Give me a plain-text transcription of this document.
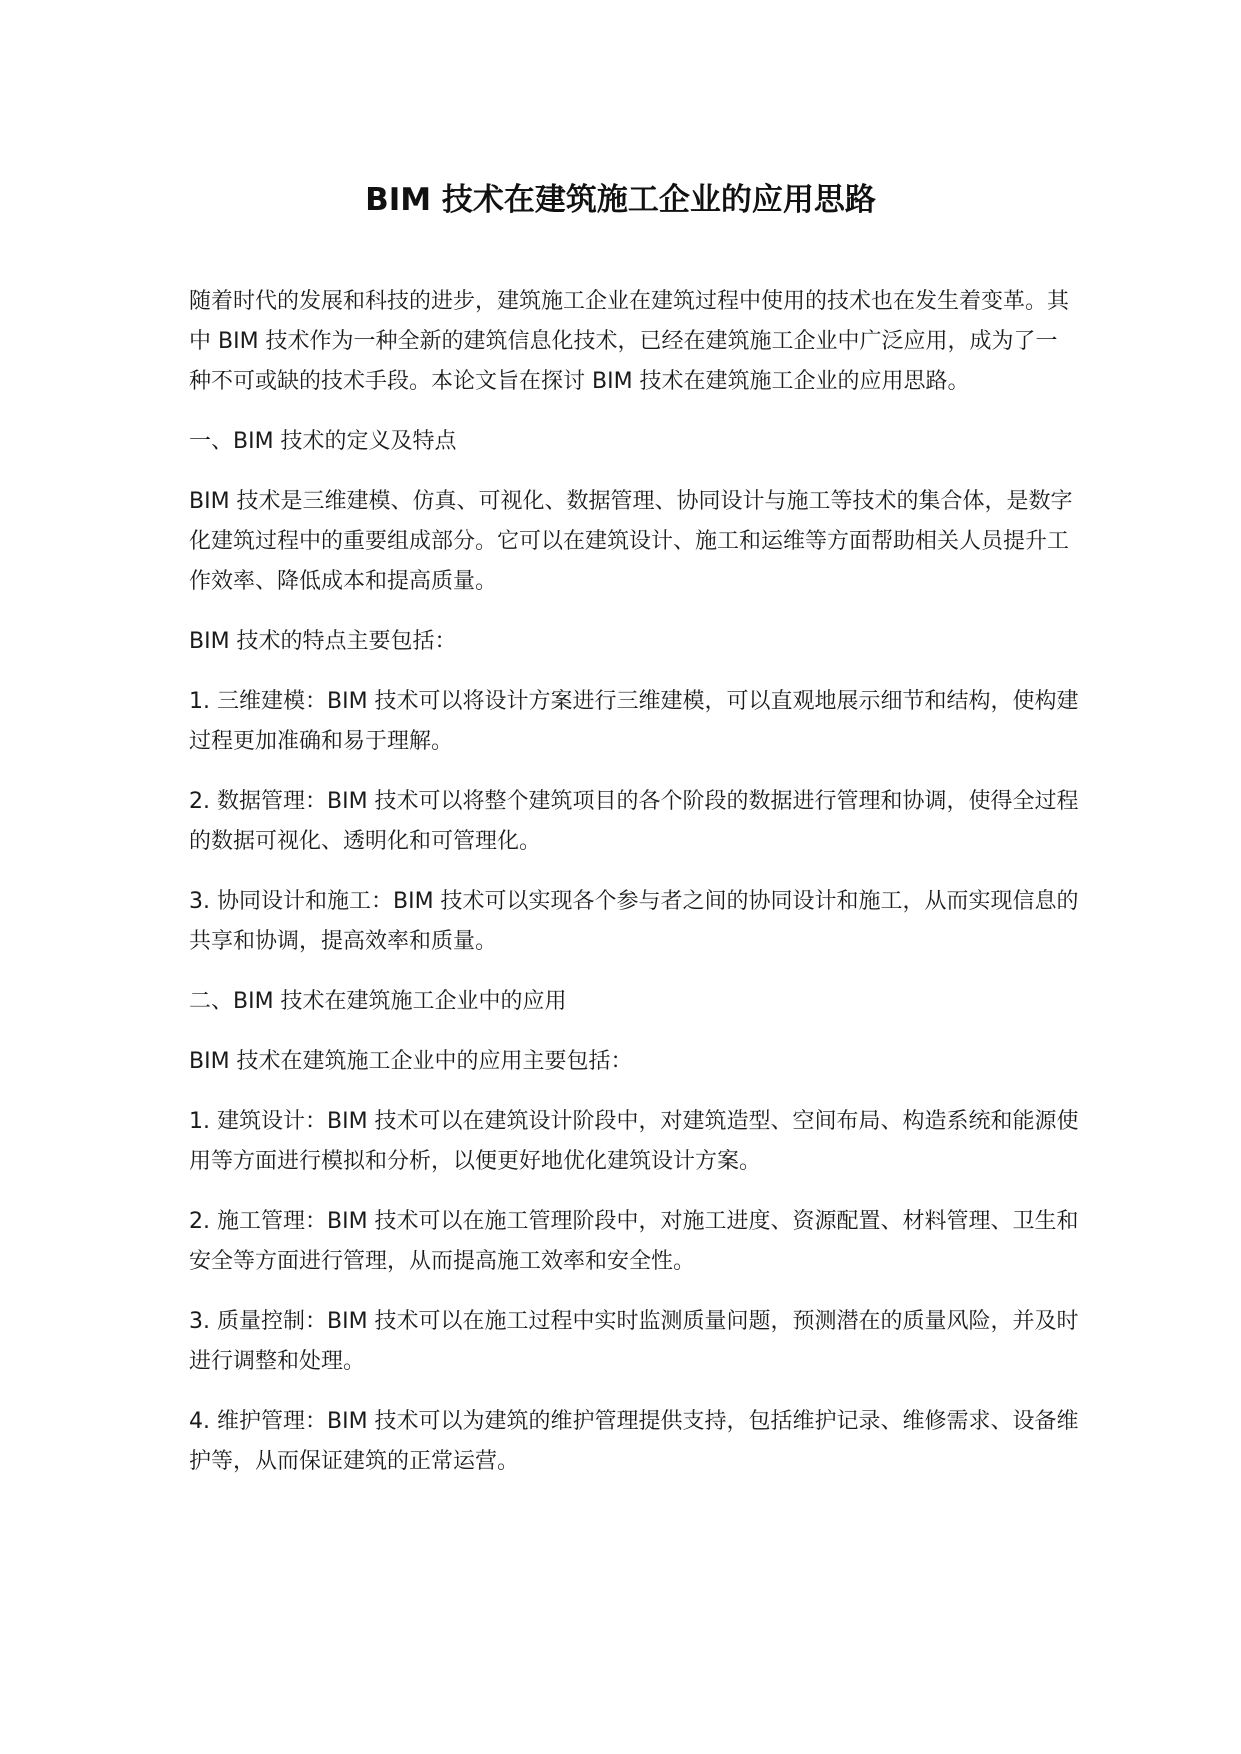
BIM 技术在建筑施工企业的应用思路

随着时代的发展和科技的进步，建筑施工企业在建筑过程中使用的技术也在发生着变革。其中 BIM 技术作为一种全新的建筑信息化技术，已经在建筑施工企业中广泛应用，成为了一种不可或缺的技术手段。本论文旨在探讨 BIM 技术在建筑施工企业的应用思路。

一、BIM 技术的定义及特点

BIM 技术是三维建模、仿真、可视化、数据管理、协同设计与施工等技术的集合体，是数字化建筑过程中的重要组成部分。它可以在建筑设计、施工和运维等方面帮助相关人员提升工作效率、降低成本和提高质量。

BIM 技术的特点主要包括：

1. 三维建模：BIM 技术可以将设计方案进行三维建模，可以直观地展示细节和结构，使构建过程更加准确和易于理解。

2. 数据管理：BIM 技术可以将整个建筑项目的各个阶段的数据进行管理和协调，使得全过程的数据可视化、透明化和可管理化。

3. 协同设计和施工：BIM 技术可以实现各个参与者之间的协同设计和施工，从而实现信息的共享和协调，提高效率和质量。

二、BIM 技术在建筑施工企业中的应用

BIM 技术在建筑施工企业中的应用主要包括：

1. 建筑设计：BIM 技术可以在建筑设计阶段中，对建筑造型、空间布局、构造系统和能源使用等方面进行模拟和分析，以便更好地优化建筑设计方案。

2. 施工管理：BIM 技术可以在施工管理阶段中，对施工进度、资源配置、材料管理、卫生和安全等方面进行管理，从而提高施工效率和安全性。

3. 质量控制：BIM 技术可以在施工过程中实时监测质量问题，预测潜在的质量风险，并及时进行调整和处理。

4. 维护管理：BIM 技术可以为建筑的维护管理提供支持，包括维护记录、维修需求、设备维护等，从而保证建筑的正常运营。
